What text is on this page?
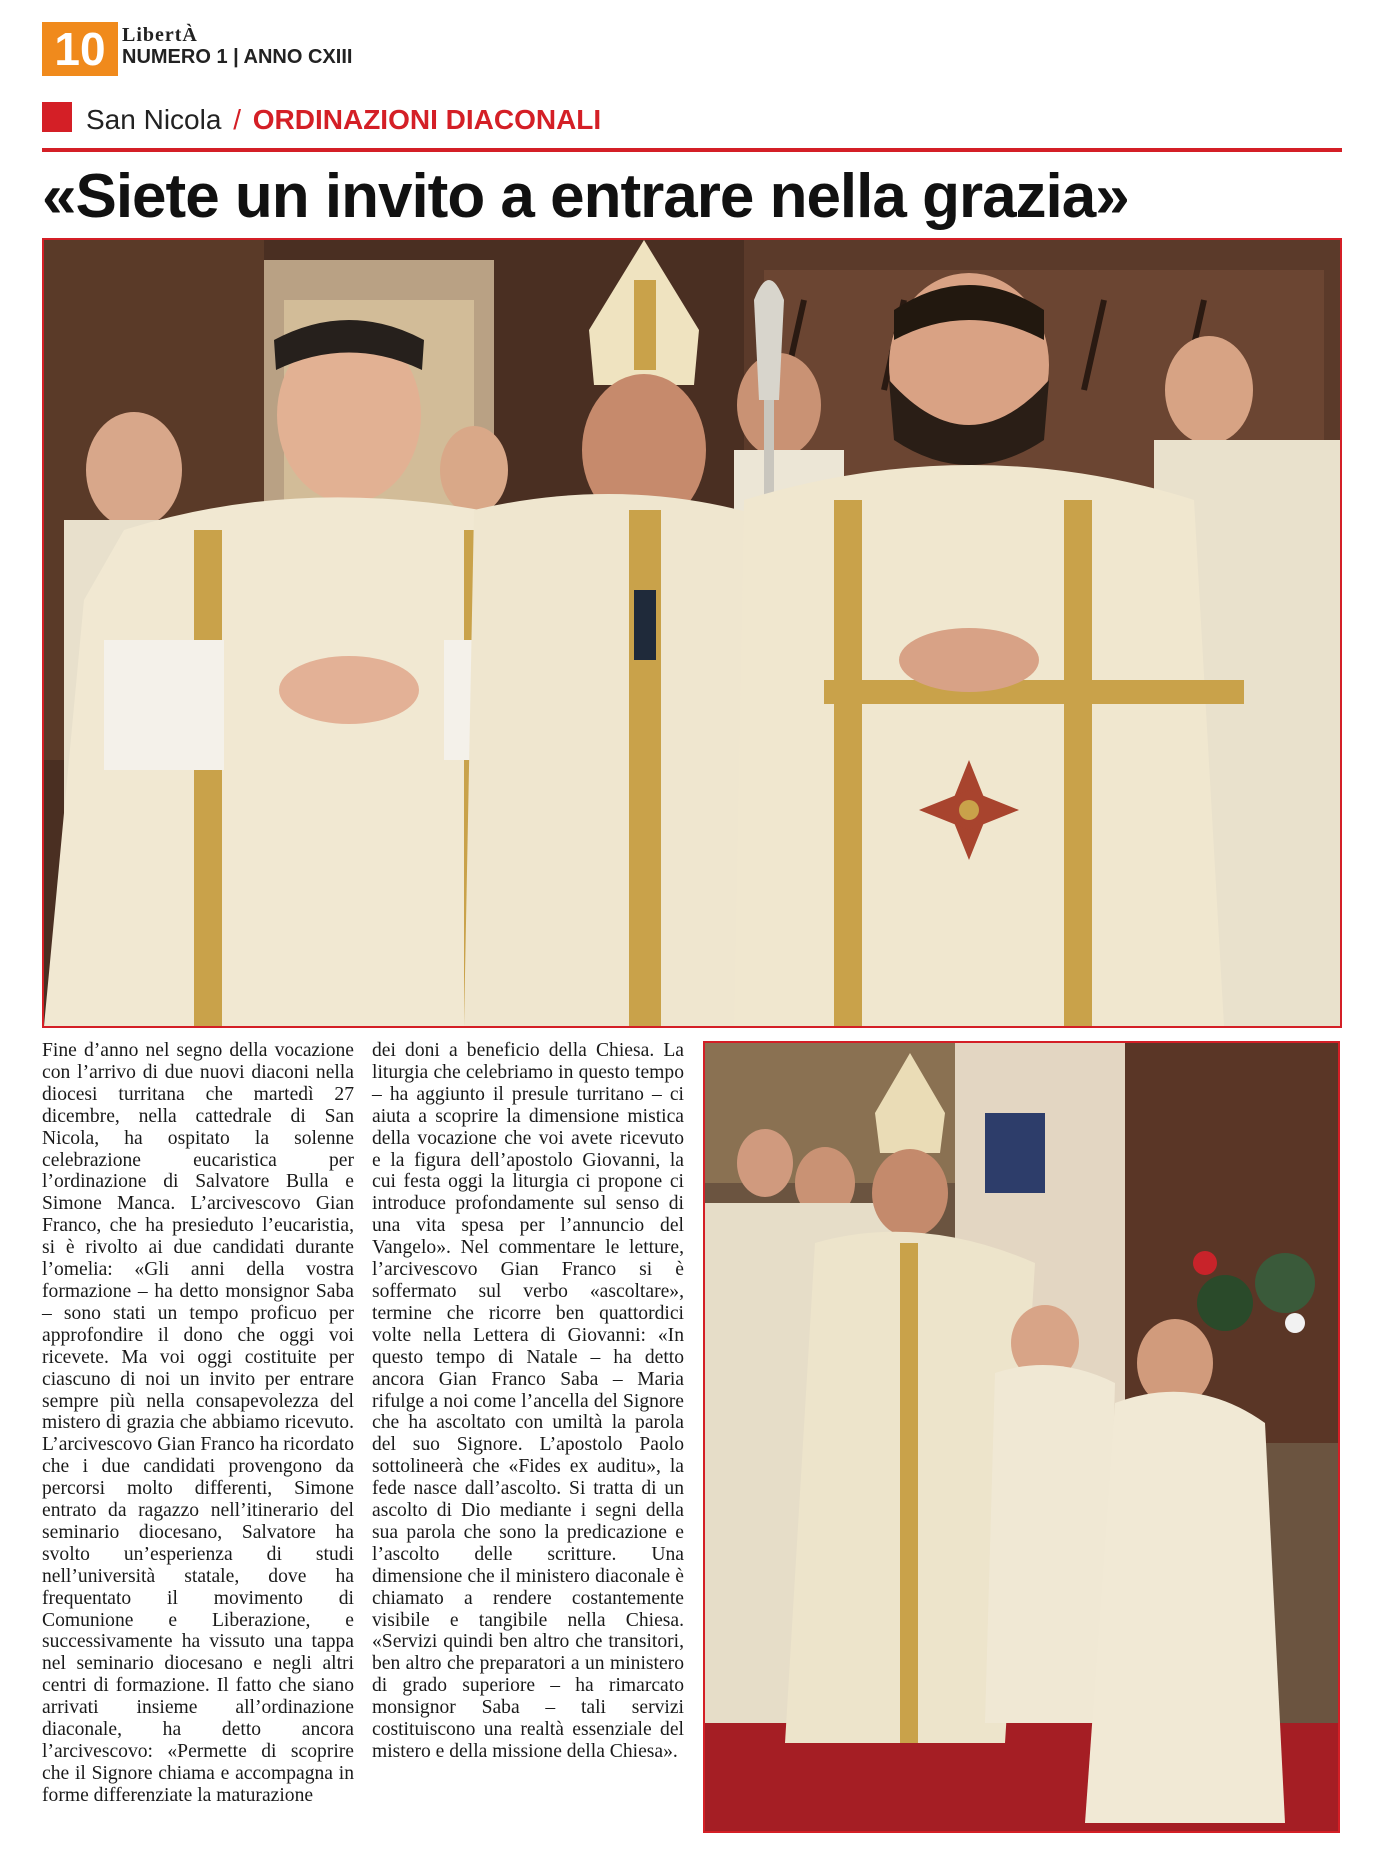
10 LibertÀ
NUMERO 1 | ANNO CXIII
San Nicola / ORDINAZIONI DIACONALI
«Siete un invito a entrare nella grazia»
Fine d’anno nel segno della vocazione con l’arrivo di due nuovi diaconi nella diocesi turritana che martedì 27 dicembre, nella cattedrale di San Nicola, ha ospitato la solenne celebrazione eucaristica per l’ordinazione di Salvatore Bulla e Simone Manca. L’arcivescovo Gian Franco, che ha presieduto l’eucaristia, si è rivolto ai due candidati durante l’omelia: «Gli anni della vostra formazione – ha detto monsignor Saba – sono stati un tempo proficuo per approfondire il dono che oggi voi ricevete. Ma voi oggi costituite per ciascuno di noi un invito per entrare sempre più nella consapevolezza del mistero di grazia che abbiamo ricevuto. L’arcivescovo Gian Franco ha ricordato che i due candidati provengono da percorsi molto differenti, Simone entrato da ragazzo nell’itinerario del seminario diocesano, Salvatore ha svolto un’esperienza di studi nell’università statale, dove ha frequentato il movimento di Comunione e Liberazione, e successivamente ha vissuto una tappa nel seminario diocesano e negli altri centri di formazione. Il fatto che siano arrivati insieme all’ordinazione diaconale, ha detto ancora l’arcivescovo: «Permette di scoprire che il Signore chiama e accompagna in forme differenziate la maturazione
dei doni a beneficio della Chiesa. La liturgia che celebriamo in questo tempo – ha aggiunto il presule turritano – ci aiuta a scoprire la dimensione mistica della vocazione che voi avete ricevuto e la figura dell’apostolo Giovanni, la cui festa oggi la liturgia ci propone ci introduce profondamente sul senso di una vita spesa per l’annuncio del Vangelo». Nel commentare le letture, l’arcivescovo Gian Franco si è soffermato sul verbo «ascoltare», termine che ricorre ben quattordici volte nella Lettera di Giovanni: «In questo tempo di Natale – ha detto ancora Gian Franco Saba – Maria rifulge a noi come l’ancella del Signore che ha ascoltato con umiltà la parola del suo Signore. L’apostolo Paolo sottolineerà che «Fides ex auditu», la fede nasce dall’ascolto. Si tratta di un ascolto di Dio mediante i segni della sua parola che sono la predicazione e l’ascolto delle scritture. Una dimensione che il ministero diaconale è chiamato a rendere costantemente visibile e tangibile nella Chiesa. «Servizi quindi ben altro che transitori, ben altro che preparatori a un ministero di grado superiore – ha rimarcato monsignor Saba – tali servizi costituiscono una realtà essenziale del mistero e della missione della Chiesa».
